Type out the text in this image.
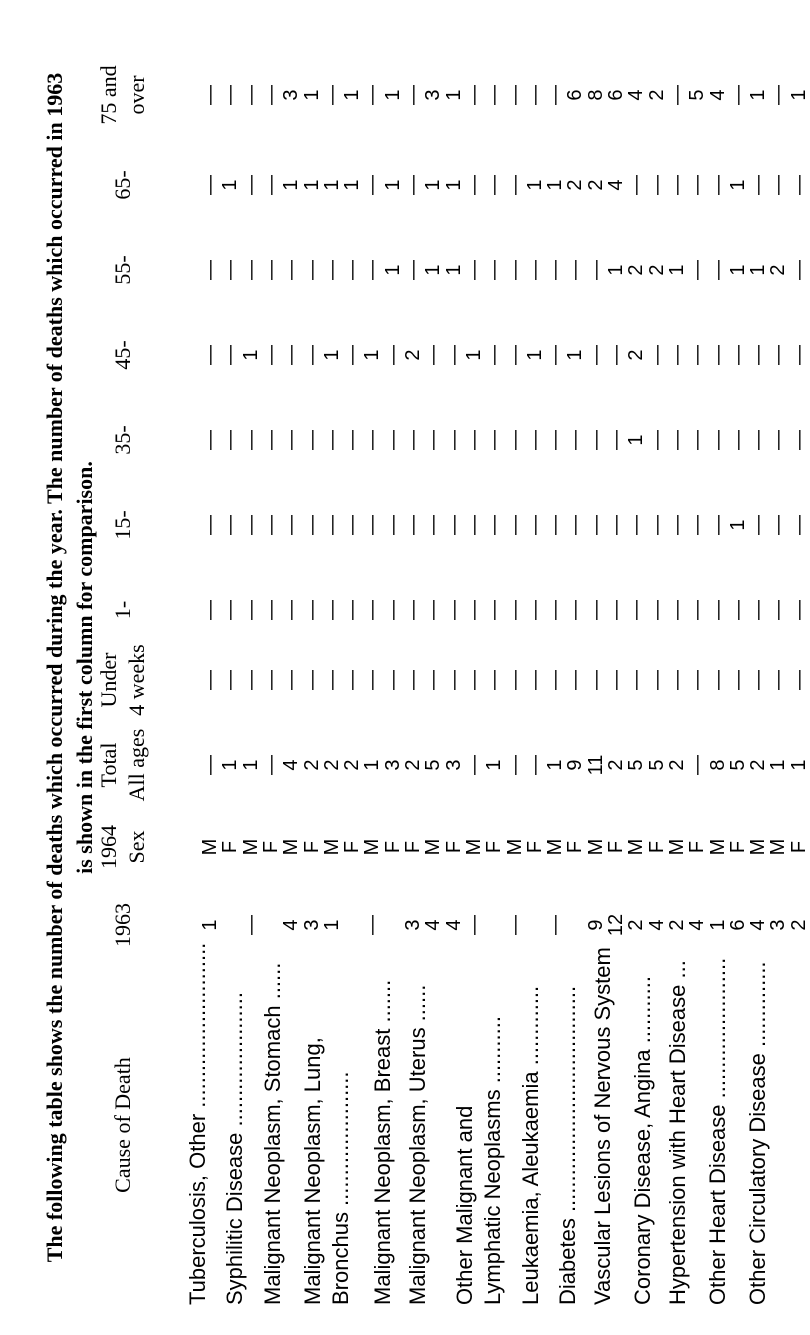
The following table shows the number of deaths which occurred during the year. The number of deaths which occurred in 1963 is shown in the first column for comparison.
Cause of Death
1963
1964 Sex
Total All ages
Under 4 weeks
1-
15-
35-
45-
55-
65-
75 and over
Tuberculosis, Other ........................... Syphilitic Disease ...................... Malignant Neoplasm, Stomach ...... Malignant Neoplasm, Lung, Bronchus ...................... Malignant Neoplasm, Breast ....... Malignant Neoplasm, Uterus ...... Other Malignant and Lymphatic Neoplasms ........... Leukaemia, Aleukaemia ............. Diabetes ..................................... Vascular Lesions of Nervous System Coronary Disease, Angina ........... Hypertension with Heart Disease ... Other Heart Disease ....................... Other Circulatory Disease ..............
1
M
—
—
—
—
—
—
—
—
—
F
1
—
—
—
—
—
—
1
—
—
M
1
—
—
—
—
1
—
—
—
F
—
—
—
—
—
—
—
—
—
4
M
4
—
—
—
—
—
—
1
3
3
F
2
—
—
—
—
—
—
1
1
1
M
2
—
—
—
—
1
—
1
—
F
2
—
—
—
—
—
—
1
1
—
M
1
—
—
—
—
1
—
—
—
F
3
—
—
—
—
—
1
1
1
3
F
2
—
—
—
—
2
—
—
—
4
M
5
—
—
—
—
—
1
1
3
4
F
3
—
—
—
—
—
1
1
1
—
M
—
—
—
—
—
1
—
—
—
F
1
—
—
—
—
—
—
—
—
—
M
—
—
—
—
—
—
—
—
—
F
—
—
—
—
—
1
—
1
—
—
M
1
—
—
—
—
—
—
1
—
F
9
—
—
—
—
1
—
2
6
9
M
11
—
—
—
—
—
—
2
8
12
F
2
—
—
—
—
—
1
4
6
2
M
5
—
—
—
1
2
2
—
4
4
F
5
—
—
—
—
—
2
—
2
2
M
2
—
—
—
—
—
1
—
—
4
F
—
—
—
—
—
—
—
—
5
1
M
8
—
—
—
—
—
—
—
4
6
F
5
—
—
1
—
—
1
1
—
4
M
2
—
—
—
—
—
1
—
1
3
M
1
—
—
—
—
—
2
—
—
2
F
1
—
—
—
—
—
—
—
1
